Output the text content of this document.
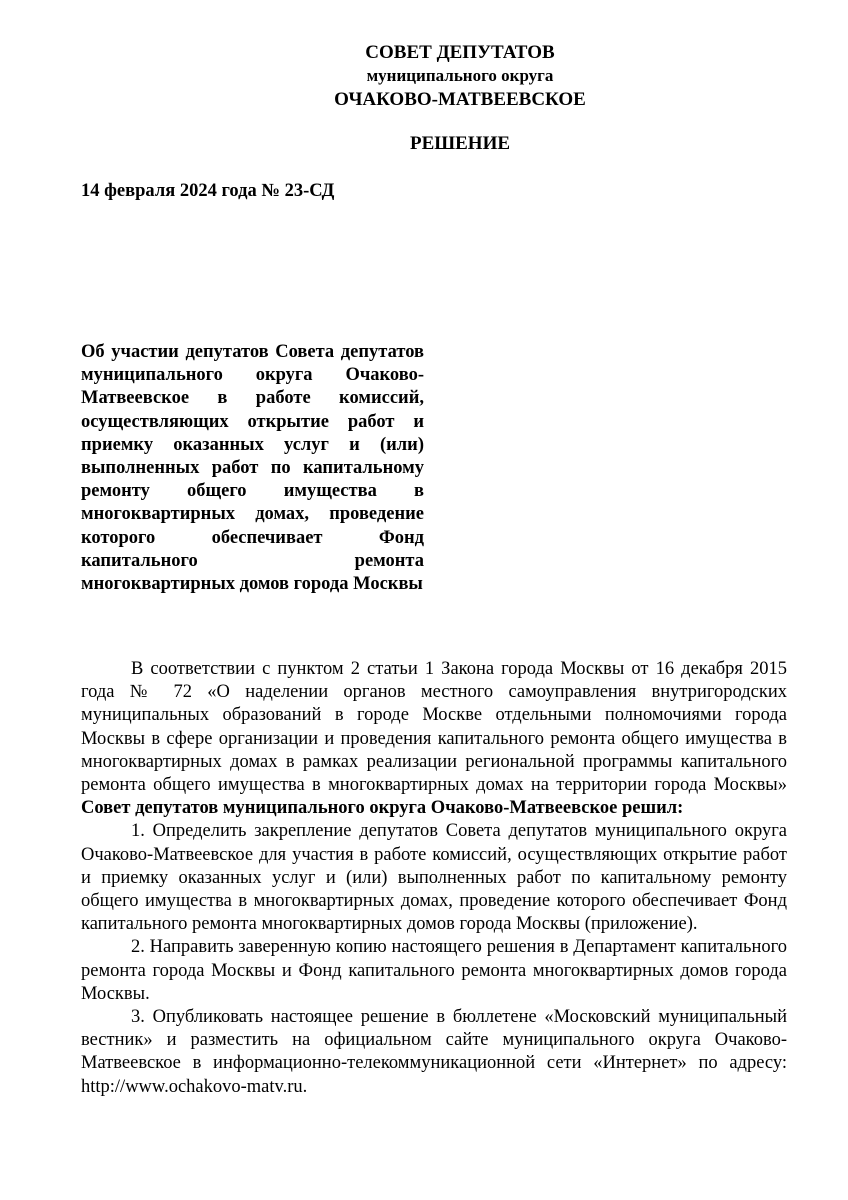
СОВЕТ ДЕПУТАТОВ
муниципального округа
ОЧАКОВО-МАТВЕЕВСКОЕ
РЕШЕНИЕ
14 февраля 2024 года № 23-СД
Об участии депутатов Совета депутатов муниципального округа Очаково-Матвеевское в работе комиссий, осуществляющих открытие работ и приемку оказанных услуг и (или) выполненных работ по капитальному ремонту общего имущества в многоквартирных домах, проведение которого обеспечивает Фонд капитального ремонта многоквартирных домов города Москвы

В соответствии с пунктом 2 статьи 1 Закона города Москвы от 16 декабря 2015 года № 72 «О наделении органов местного самоуправления внутригородских муниципальных образований в городе Москве отдельными полномочиями города Москвы в сфере организации и проведения капитального ремонта общего имущества в многоквартирных домах в рамках реализации региональной программы капитального ремонта общего имущества в многоквартирных домах на территории города Москвы» Совет депутатов муниципального округа Очаково-Матвеевское решил:

1. Определить закрепление депутатов Совета депутатов муниципального округа Очаково-Матвеевское для участия в работе комиссий, осуществляющих открытие работ и приемку оказанных услуг и (или) выполненных работ по капитальному ремонту общего имущества в многоквартирных домах, проведение которого обеспечивает Фонд капитального ремонта многоквартирных домов города Москвы (приложение).

2. Направить заверенную копию настоящего решения в Департамент капитального ремонта города Москвы и Фонд капитального ремонта многоквартирных домов города Москвы.

3. Опубликовать настоящее решение в бюллетене «Московский муниципальный вестник» и разместить на официальном сайте муниципального округа Очаково-Матвеевское в информационно-телекоммуникационной сети «Интернет» по адресу: http://www.ochakovo-matv.ru.
